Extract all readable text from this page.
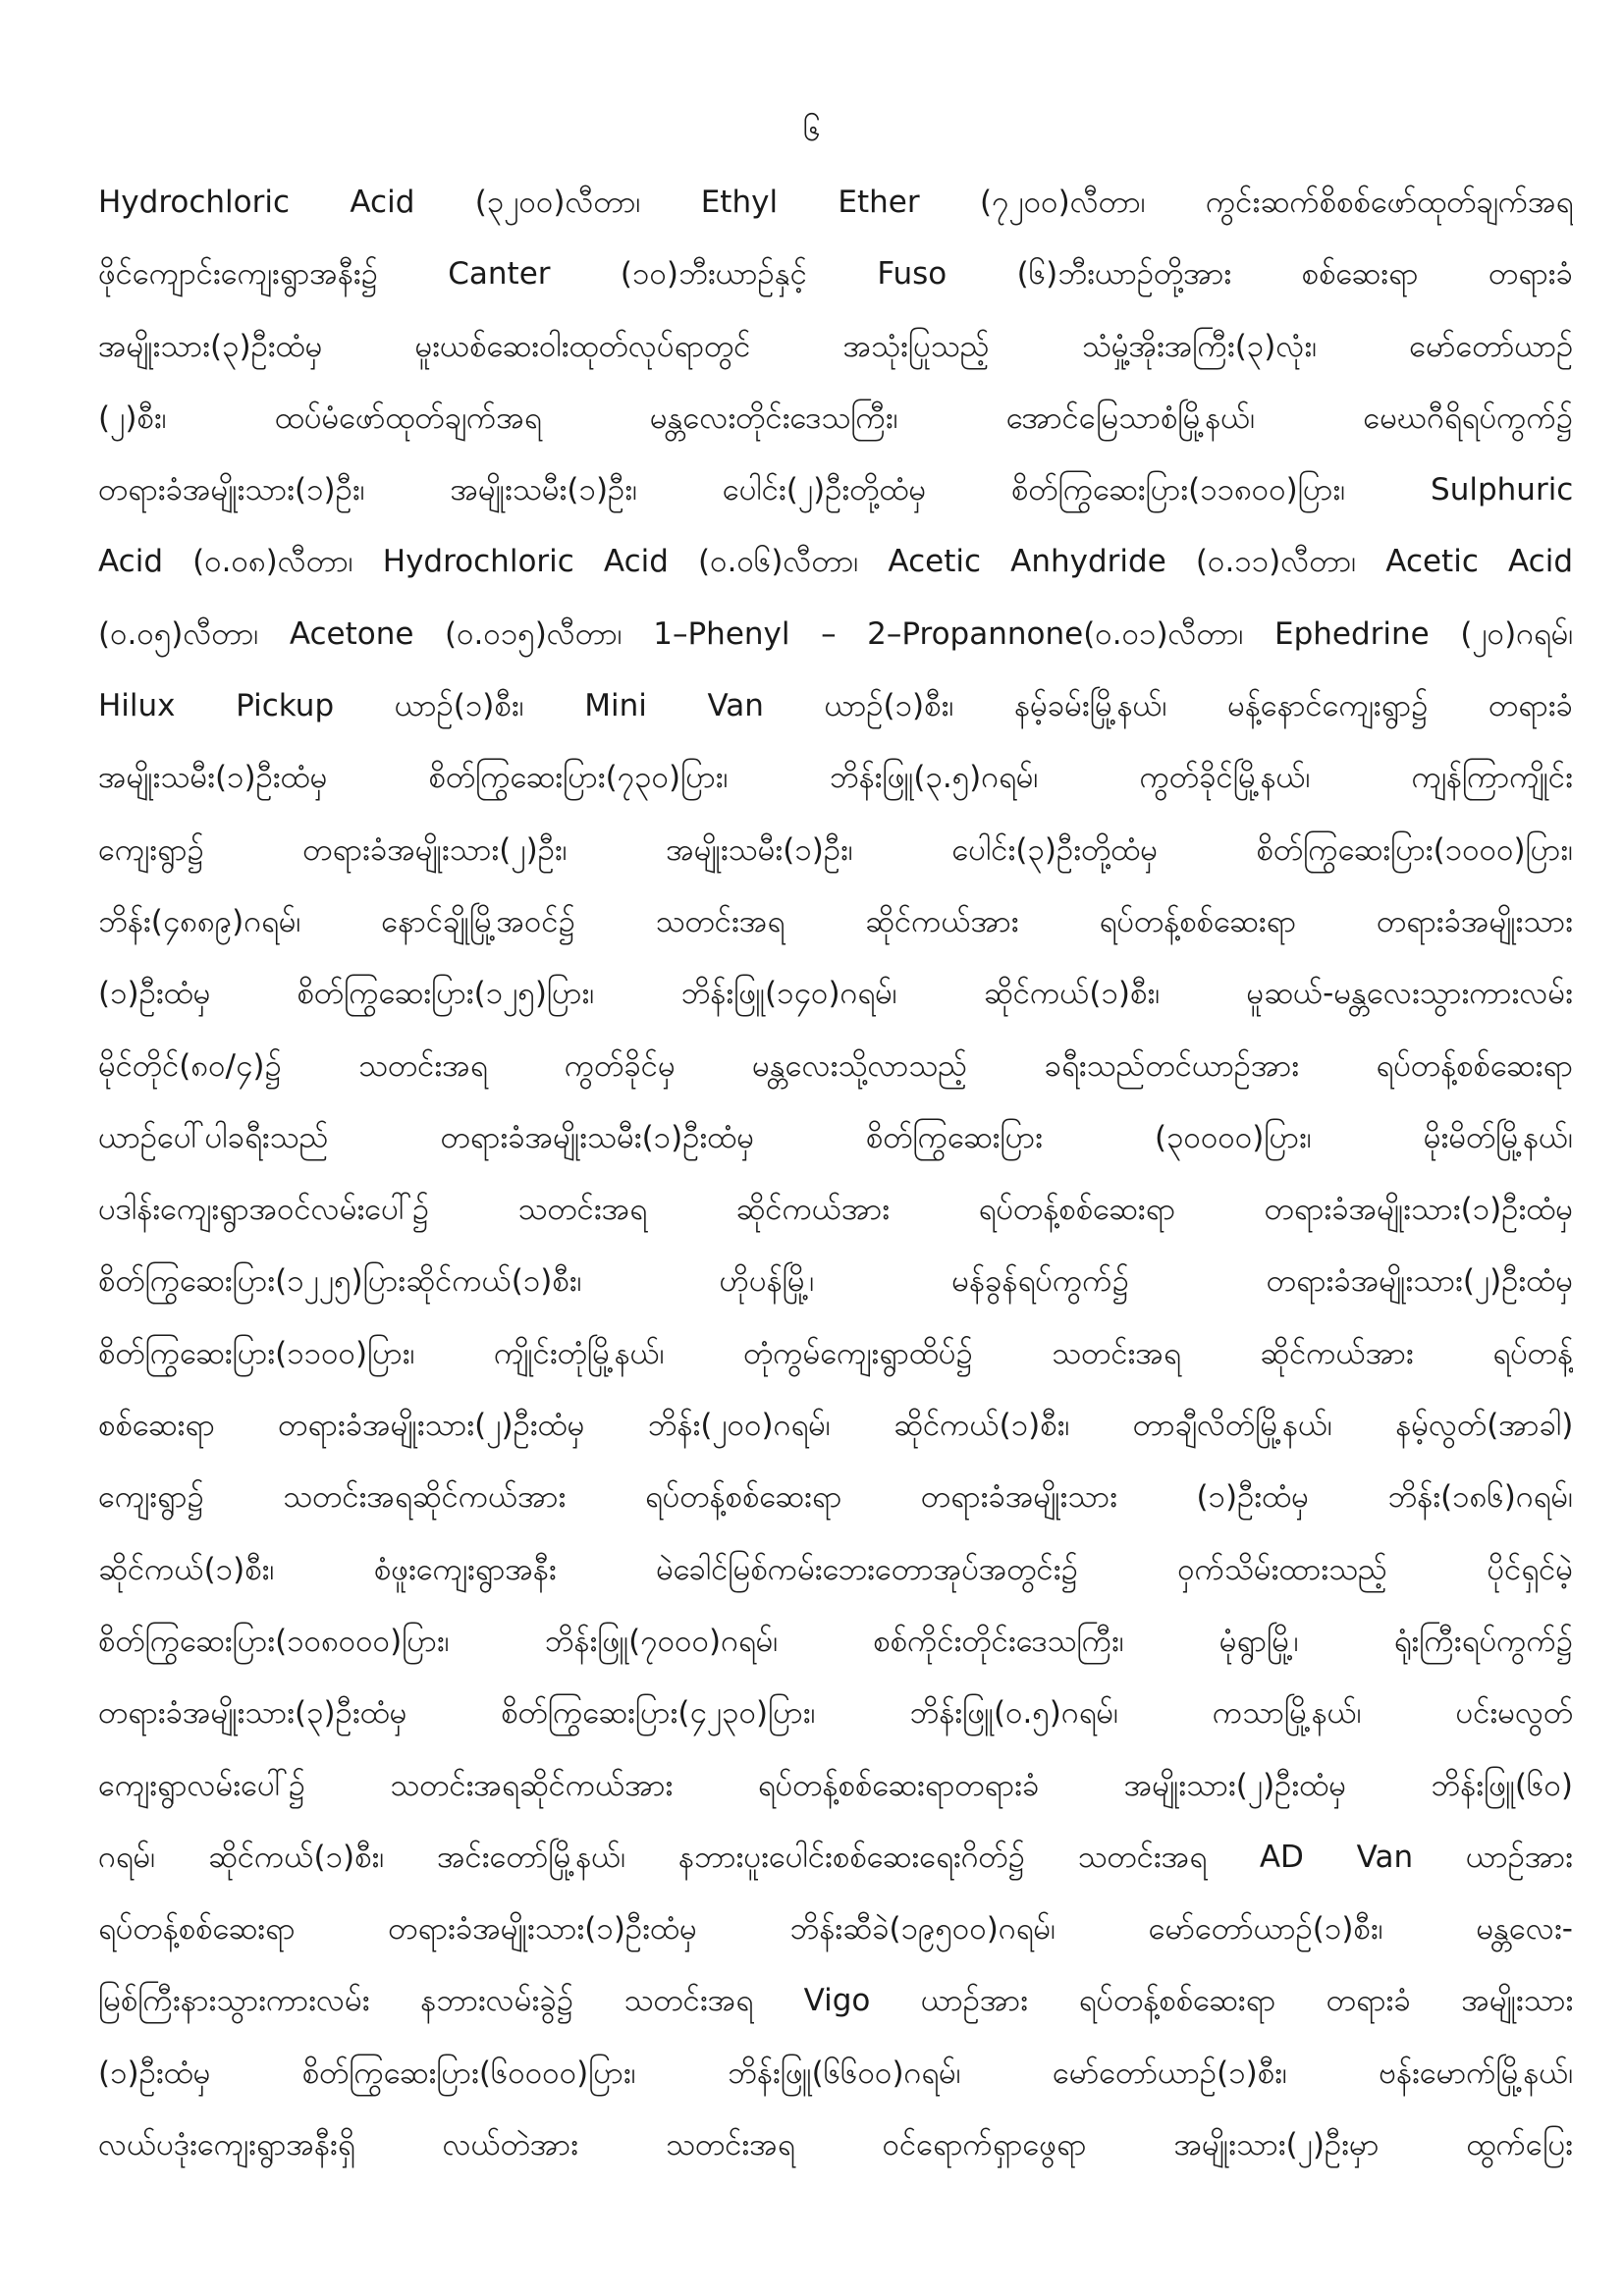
၆
Hydrochloric Acid (၃၂၀၀)လီတာ၊ Ethyl Ether (၇၂၀၀)လီတာ၊ ကွင်းဆက်စိစစ်ဖော်ထုတ်ချက်အရ
ဖိုင်ကျောင်းကျေးရွာအနီး၌ Canter (၁၀)ဘီးယာဉ်နှင့် Fuso (၆)ဘီးယာဉ်တို့အား စစ်ဆေးရာ တရားခံ
အမျိုးသား(၃)ဦးထံမှ မူးယစ်ဆေးဝါးထုတ်လုပ်ရာတွင် အသုံးပြုသည့် သံမှုံ့အိုးအကြီး(၃)လုံး၊ မော်တော်ယာဉ်
(၂)စီး၊ ထပ်မံဖော်ထုတ်ချက်အရ မန္တလေးတိုင်းဒေသကြီး၊ အောင်မြေသာစံမြို့နယ်၊ မေဃဂီရိရပ်ကွက်၌
တရားခံအမျိုးသား(၁)ဦး၊ အမျိုးသမီး(၁)ဦး၊ ပေါင်း(၂)ဦးတို့ထံမှ စိတ်ကြွဆေးပြား(၁၁၈၀၀)ပြား၊ Sulphuric
Acid (၀.၀၈)လီတာ၊ Hydrochloric Acid (၀.၀၆)လီတာ၊ Acetic Anhydride (၀.၁၁)လီတာ၊ Acetic Acid
(၀.၀၅)လီတာ၊ Acetone (၀.၀၁၅)လီတာ၊ 1–Phenyl – 2–Propannone(၀.၀၁)လီတာ၊ Ephedrine (၂၀)ဂရမ်၊
Hilux Pickup ယာဉ်(၁)စီး၊ Mini Van ယာဉ်(၁)စီး၊ နမ့်ခမ်းမြို့နယ်၊ မန့်နောင်ကျေးရွာ၌ တရားခံ
အမျိုးသမီး(၁)ဦးထံမှ စိတ်ကြွဆေးပြား(၇၃၀)ပြား၊ ဘိန်းဖြူ(၃.၅)ဂရမ်၊ ကွတ်ခိုင်မြို့နယ်၊ ကျန်ကြာကျိုင်း
ကျေးရွာ၌ တရားခံအမျိုးသား(၂)ဦး၊ အမျိုးသမီး(၁)ဦး၊ ပေါင်း(၃)ဦးတို့ထံမှ စိတ်ကြွဆေးပြား(၁၀၀၀)ပြား၊
ဘိန်း(၄၈၈၉)ဂရမ်၊ နောင်ချိုမြို့အဝင်၌ သတင်းအရ ဆိုင်ကယ်အား ရပ်တန့်စစ်ဆေးရာ တရားခံအမျိုးသား
(၁)ဦးထံမှ စိတ်ကြွဆေးပြား(၁၂၅)ပြား၊ ဘိန်းဖြူ(၁၄၀)ဂရမ်၊ ဆိုင်ကယ်(၁)စီး၊ မူဆယ်-မန္တလေးသွားကားလမ်း
မိုင်တိုင်(၈၀/၄)၌ သတင်းအရ ကွတ်ခိုင်မှ မန္တလေးသို့လာသည့် ခရီးသည်တင်ယာဉ်အား ရပ်တန့်စစ်ဆေးရာ
ယာဉ်ပေါ်ပါခရီးသည် တရားခံအမျိုးသမီး(၁)ဦးထံမှ စိတ်ကြွဆေးပြား (၃၀၀၀၀)ပြား၊ မိုးမိတ်မြို့နယ်၊
ပဒါန်းကျေးရွာအဝင်လမ်းပေါ်၌ သတင်းအရ ဆိုင်ကယ်အား ရပ်တန့်စစ်ဆေးရာ တရားခံအမျိုးသား(၁)ဦးထံမှ
စိတ်ကြွဆေးပြား(၁၂၂၅)ပြားဆိုင်ကယ်(၁)စီး၊ ဟိုပန်မြို့၊ မန်ခွန်ရပ်ကွက်၌ တရားခံအမျိုးသား(၂)ဦးထံမှ
စိတ်ကြွဆေးပြား(၁၁၀၀)ပြား၊ ကျိုင်းတုံမြို့နယ်၊ တုံကွမ်ကျေးရွာထိပ်၌ သတင်းအရ ဆိုင်ကယ်အား ရပ်တန့်
စစ်ဆေးရာ တရားခံအမျိုးသား(၂)ဦးထံမှ ဘိန်း(၂၀၀)ဂရမ်၊ ဆိုင်ကယ်(၁)စီး၊ တာချီလိတ်မြို့နယ်၊ နမ့်လွတ်(အာခါ)
ကျေးရွာ၌ သတင်းအရဆိုင်ကယ်အား ရပ်တန့်စစ်ဆေးရာ တရားခံအမျိုးသား (၁)ဦးထံမှ ဘိန်း(၁၈၆)ဂရမ်၊
ဆိုင်ကယ်(၁)စီး၊ စံဖူးကျေးရွာအနီး မဲခေါင်မြစ်ကမ်းဘေးတောအုပ်အတွင်း၌ ဝှက်သိမ်းထားသည့် ပိုင်ရှင်မဲ့
စိတ်ကြွဆေးပြား(၁၀၈၀၀၀)ပြား၊ ဘိန်းဖြူ(၇၀၀၀)ဂရမ်၊ စစ်ကိုင်းတိုင်းဒေသကြီး၊ မုံရွာမြို့၊ ရုံးကြီးရပ်ကွက်၌
တရားခံအမျိုးသား(၃)ဦးထံမှ စိတ်ကြွဆေးပြား(၄၂၃၀)ပြား၊ ဘိန်းဖြူ(၀.၅)ဂရမ်၊ ကသာမြို့နယ်၊ ပင်းမလွတ်
ကျေးရွာလမ်းပေါ်၌ သတင်းအရဆိုင်ကယ်အား ရပ်တန့်စစ်ဆေးရာတရားခံ အမျိုးသား(၂)ဦးထံမှ ဘိန်းဖြူ(၆၀)
ဂရမ်၊ ဆိုင်ကယ်(၁)စီး၊ အင်းတော်မြို့နယ်၊ နဘားပူးပေါင်းစစ်ဆေးရေးဂိတ်၌ သတင်းအရ AD Van ယာဉ်အား
ရပ်တန့်စစ်ဆေးရာ တရားခံအမျိုးသား(၁)ဦးထံမှ ဘိန်းဆီခဲ(၁၉၅၀၀)ဂရမ်၊ မော်တော်ယာဉ်(၁)စီး၊ မန္တလေး-
မြစ်ကြီးနားသွားကားလမ်း နဘားလမ်းခွဲ၌ သတင်းအရ Vigo ယာဉ်အား ရပ်တန့်စစ်ဆေးရာ တရားခံ အမျိုးသား
(၁)ဦးထံမှ စိတ်ကြွဆေးပြား(၆၀၀၀၀)ပြား၊ ဘိန်းဖြူ(၆၆၀၀)ဂရမ်၊ မော်တော်ယာဉ်(၁)စီး၊ ဗန်းမောက်မြို့နယ်၊
လယ်ပဒုံးကျေးရွာအနီးရှိ လယ်တဲအား သတင်းအရ ဝင်ရောက်ရှာဖွေရာ အမျိုးသား(၂)ဦးမှာ ထွက်ပြေး
